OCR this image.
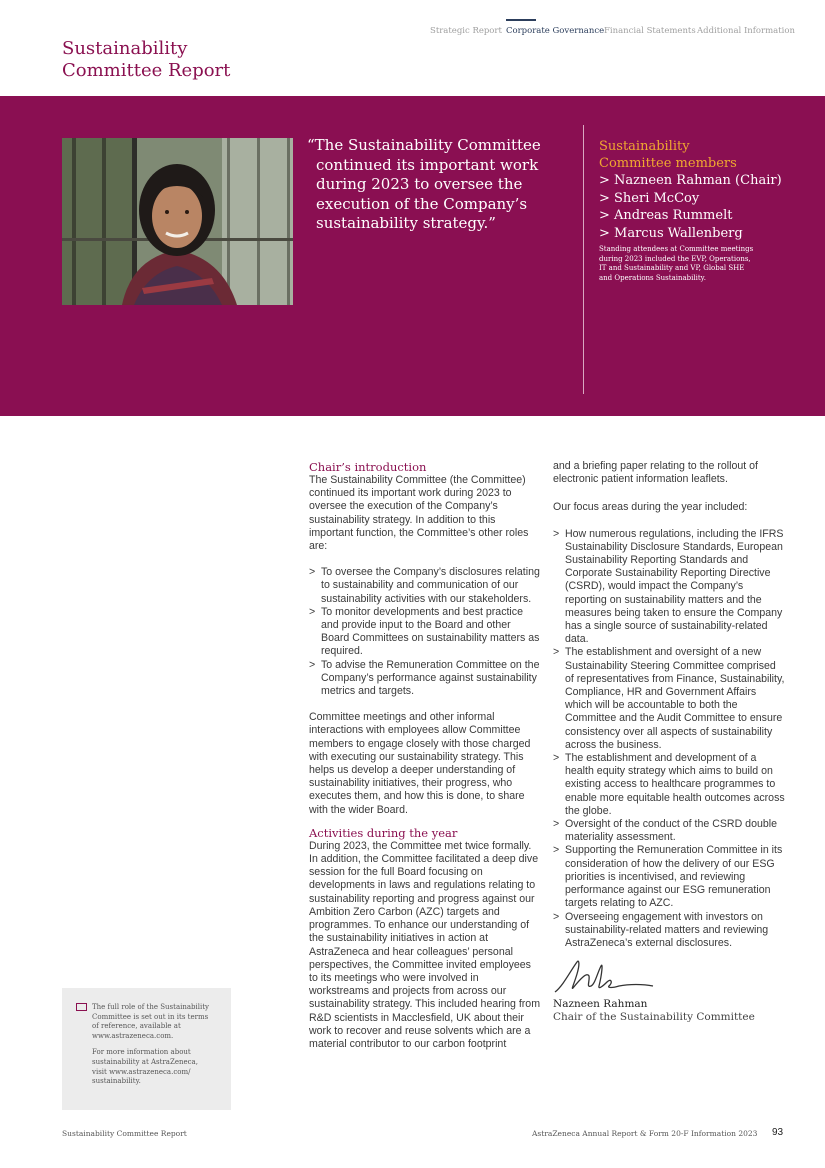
Strategic Report Corporate Governance Financial Statements Additional Information
Sustainability
Committee Report
“The Sustainability Committee
continued its important work
during 2023 to oversee the
execution of the Company’s
sustainability strategy.”
Sustainability
Committee members
> Nazneen Rahman (Chair)
> Sheri McCoy
> Andreas Rummelt
> Marcus Wallenberg
Standing attendees at Committee meetings
during 2023 included the EVP, Operations,
IT and Sustainability and VP, Global SHE
and Operations Sustainability.

Chair’s introduction

The Sustainability Committee (the Committee) continued its important work during 2023 to oversee the execution of the Company’s sustainability strategy. In addition to this important function, the Committee’s other roles are:

> To oversee the Company’s disclosures relating to sustainability and communication of our sustainability activities with our stakeholders.
> To monitor developments and best practice and provide input to the Board and other Board Committees on sustainability matters as required.
> To advise the Remuneration Committee on the Company’s performance against sustainability metrics and targets.

Committee meetings and other informal interactions with employees allow Committee members to engage closely with those charged with executing our sustainability strategy. This helps us develop a deeper understanding of sustainability initiatives, their progress, who executes them, and how this is done, to share with the wider Board.

Activities during the year

During 2023, the Committee met twice formally. In addition, the Committee facilitated a deep dive session for the full Board focusing on developments in laws and regulations relating to sustainability reporting and progress against our Ambition Zero Carbon (AZC) targets and programmes. To enhance our understanding of the sustainability initiatives in action at AstraZeneca and hear colleagues’ personal perspectives, the Committee invited employees to its meetings who were involved in workstreams and projects from across our sustainability strategy. This included hearing from R&D scientists in Macclesfield, UK about their work to recover and reuse solvents which are a material contributor to our carbon footprint

and a briefing paper relating to the rollout of electronic patient information leaflets.

Our focus areas during the year included:

> How numerous regulations, including the IFRS Sustainability Disclosure Standards, European Sustainability Reporting Standards and Corporate Sustainability Reporting Directive (CSRD), would impact the Company’s reporting on sustainability matters and the measures being taken to ensure the Company has a single source of sustainability-related data.
> The establishment and oversight of a new Sustainability Steering Committee comprised of representatives from Finance, Sustainability, Compliance, HR and Government Affairs which will be accountable to both the Committee and the Audit Committee to ensure consistency over all aspects of sustainability across the business.
> The establishment and development of a health equity strategy which aims to build on existing access to healthcare programmes to enable more equitable health outcomes across the globe.
> Oversight of the conduct of the CSRD double materiality assessment.
> Supporting the Remuneration Committee in its consideration of how the delivery of our ESG priorities is incentivised, and reviewing performance against our ESG remuneration targets relating to AZC.
> Overseeing engagement with investors on sustainability-related matters and reviewing AstraZeneca’s external disclosures.
Nazneen Rahman
Chair of the Sustainability Committee
The full role of the Sustainability
Committee is set out in its terms
of reference, available at
www.astrazeneca.com.
For more information about
sustainability at AstraZeneca,
visit www.astrazeneca.com/
sustainability.
Sustainability Committee Report	AstraZeneca Annual Report & Form 20-F Information 2023 93
